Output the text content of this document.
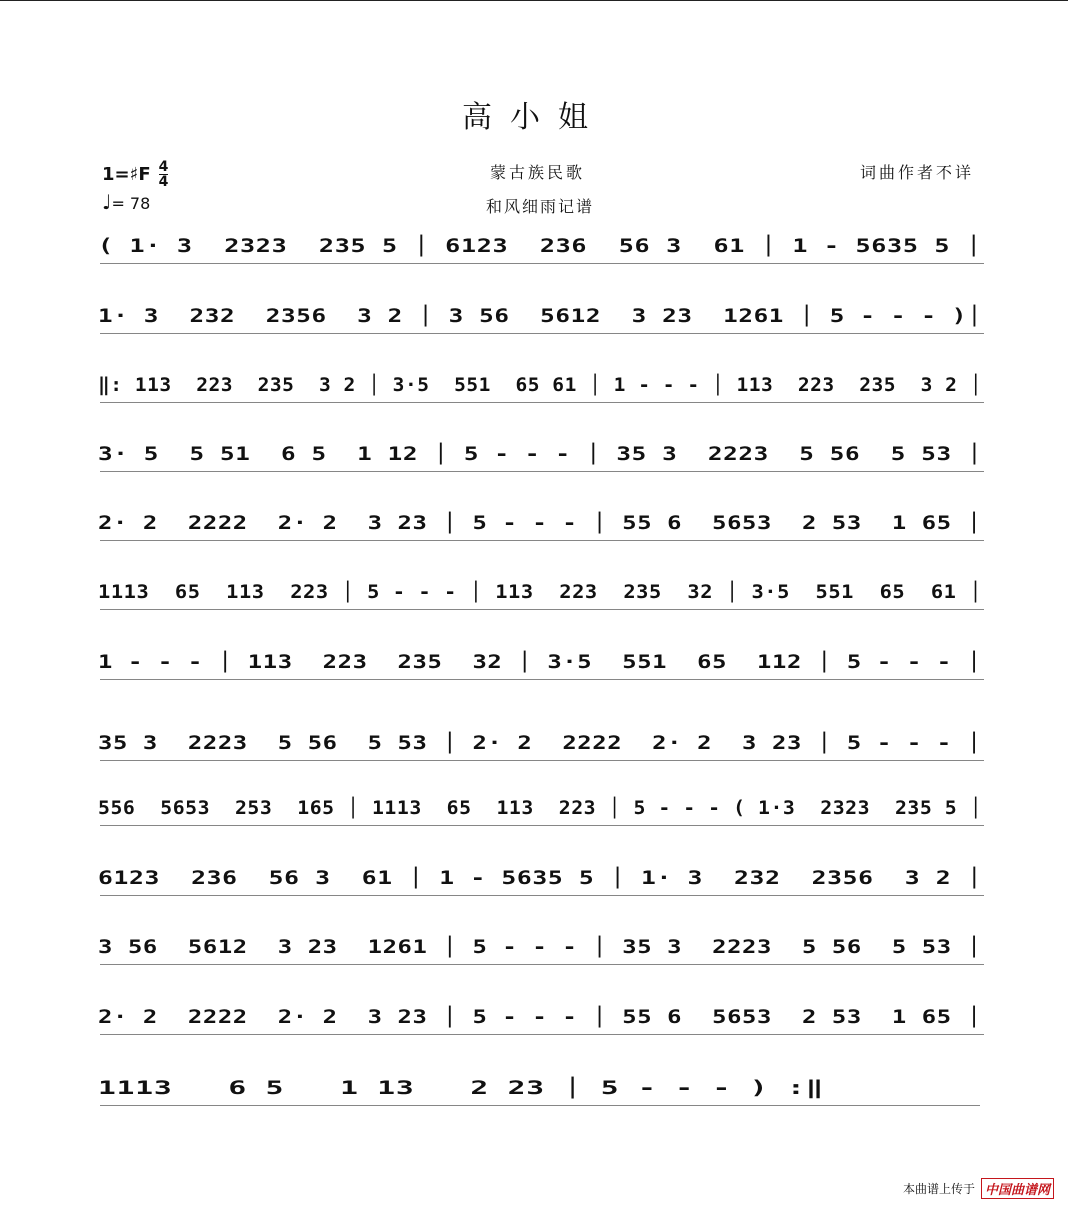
高小姐
1=♯F $\frac{4}{4}$
♩= 78
蒙古族民歌
和风细雨记谱
词曲作者不详
( 1· 3  2323  235 5 │ 6123  236  56 3  61 │ 1 - 5635 5 │
1· 3  232  2356  3 2 │ 3 56  5612  3 23  1261 │ 5 - - - )│
‖: 113  223  235  3 2 │ 3·5  551  65 61 │ 1 - - - │ 113  223  235  3 2 │
3· 5  5 51  6 5  1 12 │ 5 - - - │ 35 3  2223  5 56  5 53 │
2· 2  2222  2· 2  3 23 │ 5 - - - │ 55 6  5653  2 53  1 65 │
1113  65  113  223 │ 5 - - - │ 113  223  235  32 │ 3·5  551  65  61 │
1 - - - │ 113  223  235  32 │ 3·5  551  65  112 │ 5 - - - │
35 3  2223  5 56  5 53 │ 2· 2  2222  2· 2  3 23 │ 5 - - - │
556  5653  253  165 │ 1113  65  113  223 │ 5 - - - ( 1·3  2323  235 5 │
6123  236  56 3  61 │ 1 - 5635 5 │ 1· 3  232  2356  3 2 │
3 56  5612  3 23  1261 │ 5 - - - │ 35 3  2223  5 56  5 53 │
2· 2  2222  2· 2  3 23 │ 5 - - - │ 55 6  5653  2 53  1 65 │
1113   6 5   1 13   2 23 │ 5 - - - ) :‖
本曲谱上传于 中国曲谱网
